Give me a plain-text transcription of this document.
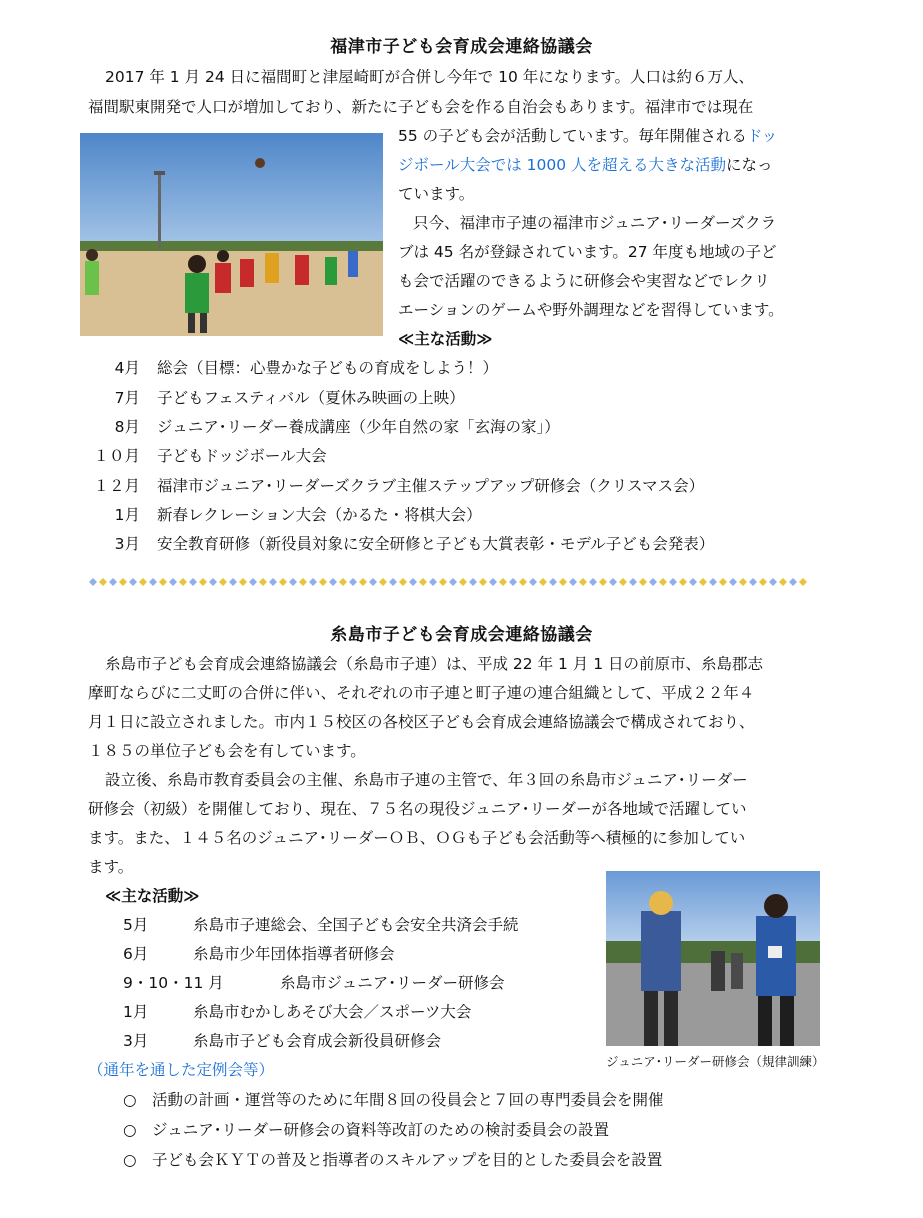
福津市子ども会育成会連絡協議会
2017 年 1 月 24 日に福間町と津屋崎町が合併し今年で 10 年になります。人口は約６万人、
福間駅東開発で人口が増加しており、新たに子ども会を作る自治会もあります。福津市では現在
55 の子ども会が活動しています。毎年開催されるドッ
ジボール大会では 1000 人を超える大きな活動になっ
ています。
只今、福津市子連の福津市ジュニア･リーダーズクラ
ブは 45 名が登録されています。27 年度も地域の子ど
も会で活躍のできるように研修会や実習などでレクリ
エーションのゲームや野外調理などを習得しています。
≪主な活動≫
4月 総会（目標：心豊かな子どもの育成をしよう！）
7月 子どもフェスティバル（夏休み映画の上映）
8月 ジュニア･リーダー養成講座（少年自然の家「玄海の家」）
１０月 子どもドッジボール大会
１２月 福津市ジュニア･リーダーズクラブ主催ステップアップ研修会（クリスマス会）
1月 新春レクレーション大会（かるた・将棋大会）
3月 安全教育研修（新役員対象に安全研修と子ども大賞表彰・モデル子ども会発表）
糸島市子ども会育成会連絡協議会
糸島市子ども会育成会連絡協議会（糸島市子連）は、平成 22 年 1 月 1 日の前原市、糸島郡志
摩町ならびに二丈町の合併に伴い、それぞれの市子連と町子連の連合組織として、平成２２年４
月１日に設立されました。市内１５校区の各校区子ども会育成会連絡協議会で構成されており、
１８５の単位子ども会を有しています。
設立後、糸島市教育委員会の主催、糸島市子連の主管で、年３回の糸島市ジュニア･リーダー
研修会（初級）を開催しており、現在、７５名の現役ジュニア･リーダーが各地域で活躍してい
ます。また、１４５名のジュニア･リーダーＯＢ、ＯＧも子ども会活動等へ積極的に参加してい
ます。
≪主な活動≫
5月	糸島市子連総会、全国子ども会安全共済会手続
6月	糸島市少年団体指導者研修会
9・10・11 月	糸島市ジュニア･リーダー研修会
1月	糸島市むかしあそび大会／スポーツ大会
3月	糸島市子ども会育成会新役員研修会
（通年を通した定例会等）
○　活動の計画・運営等のために年間８回の役員会と７回の専門委員会を開催
○　ジュニア･リーダー研修会の資料等改訂のための検討委員会の設置
○　子ども会ＫＹＴの普及と指導者のスキルアップを目的とした委員会を設置
ジュニア･リーダー研修会（規律訓練）
